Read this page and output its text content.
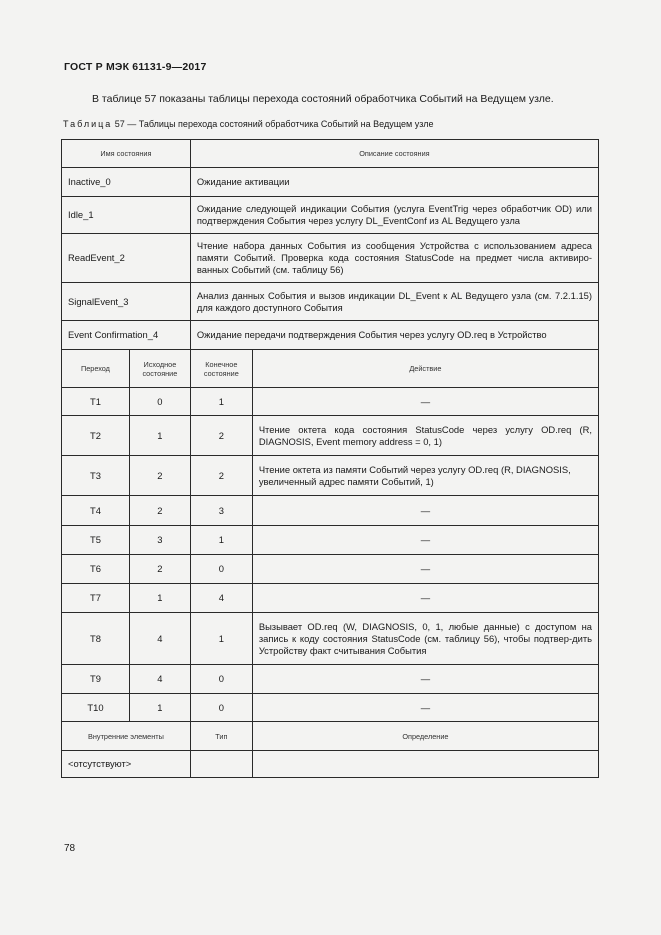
ГОСТ Р МЭК 61131-9—2017
В таблице 57 показаны таблицы перехода состояний обработчика Событий на Ведущем узле.
Таблица 57 — Таблицы перехода состояний обработчика Событий на Ведущем узле
Имя состояния		Описание состояния	
Inactive_0		Ожидание активации	
Idle_1		Ожидание следующей индикации События (услуга EventTrig через обработчик OD) или подтверждения События через услугу DL_EventConf из AL Ведущего узла	
ReadEvent_2		Чтение набора данных События из сообщения Устройства с использованием адреса памяти Событий. Проверка кода состояния StatusCode на предмет числа активиро-ванных Событий (см. таблицу 56)	
SignalEvent_3		Анализ данных События и вызов индикации DL_Event к AL Ведущего узла (см. 7.2.1.15) для каждого доступного События	
Event Confirmation_4		Ожидание передачи подтверждения События через услугу OD.req в Устройство	
Переход	Исходное состояние	Конечное состояние	Действие
T1	0	1	—
T2	1	2	Чтение октета кода состояния StatusCode через услугу OD.req (R, DIAGNOSIS, Event memory address = 0, 1)
T3	2	2	Чтение октета из памяти Событий через услугу OD.req (R, DIAGNOSIS, увеличенный адрес памяти Событий, 1)
T4	2	3	—
T5	3	1	—
T6	2	0	—
T7	1	4	—
T8	4	1	Вызывает OD.req (W, DIAGNOSIS, 0, 1, любые данные) с доступом на запись к коду состояния StatusCode (см. таблицу 56), чтобы подтвер-дить Устройству факт считывания События
T9	4	0	—
T10	1	0	—
Внутренние элементы		Тип	Определение
<отсутствуют>			
78
